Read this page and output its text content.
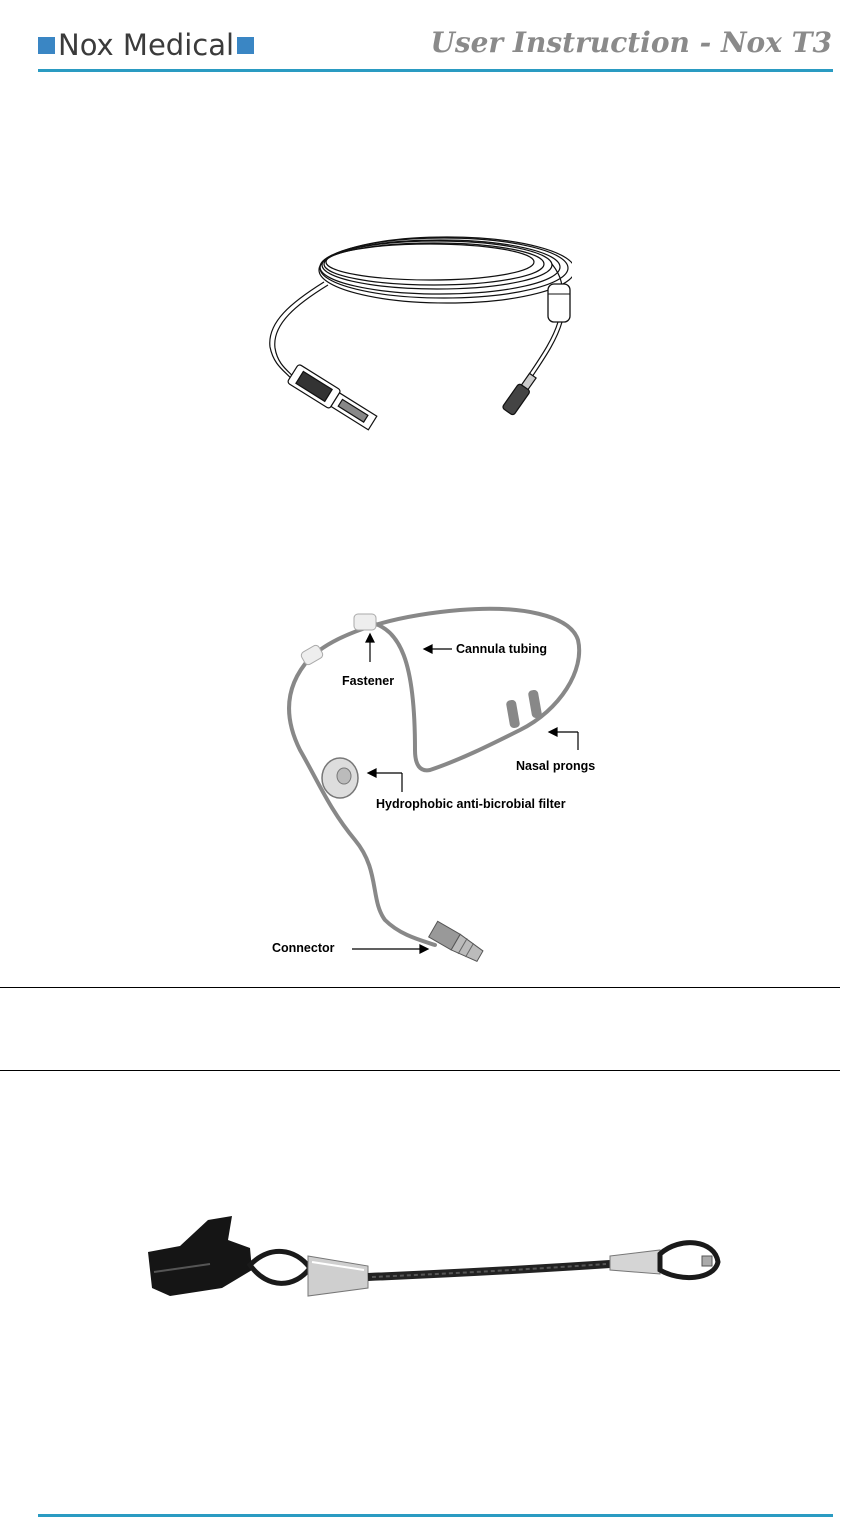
Nox Medical	User Instruction - Nox T3
Cannula tubing
Fastener
Nasal prongs
Hydrophobic anti-bicrobial filter
Connector
